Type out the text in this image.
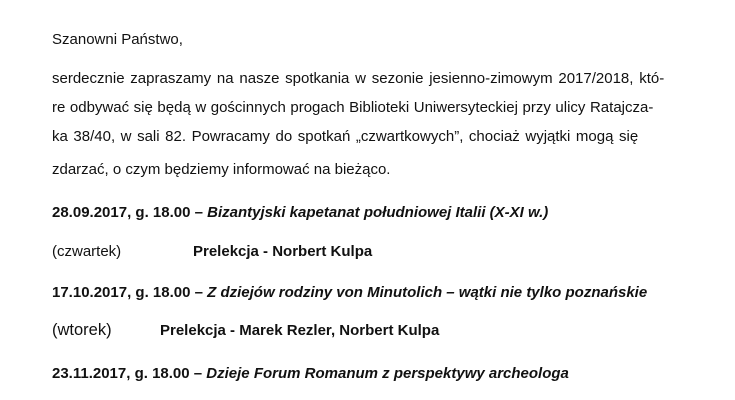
Szanowni Państwo,
serdecznie zapraszamy na nasze spotkania w sezonie jesienno-zimowym 2017/2018, któ-
re odbywać się będą w gościnnych progach Biblioteki Uniwersyteckiej przy ulicy Ratajcza-
ka 38/40, w sali 82. Powracamy do spotkań „czwartkowych”, chociaż wyjątki mogą się
zdarzać, o czym będziemy informować na bieżąco.
28.09.2017, g. 18.00 – Bizantyjski kapetanat południowej Italii (X-XI w.)
(czwartek)	Prelekcja - Norbert Kulpa
17.10.2017, g. 18.00 – Z dziejów rodziny von Minutolich – wątki nie tylko poznańskie
(wtorek)	Prelekcja - Marek Rezler, Norbert Kulpa
23.11.2017, g. 18.00 – Dzieje Forum Romanum z perspektywy archeologa
